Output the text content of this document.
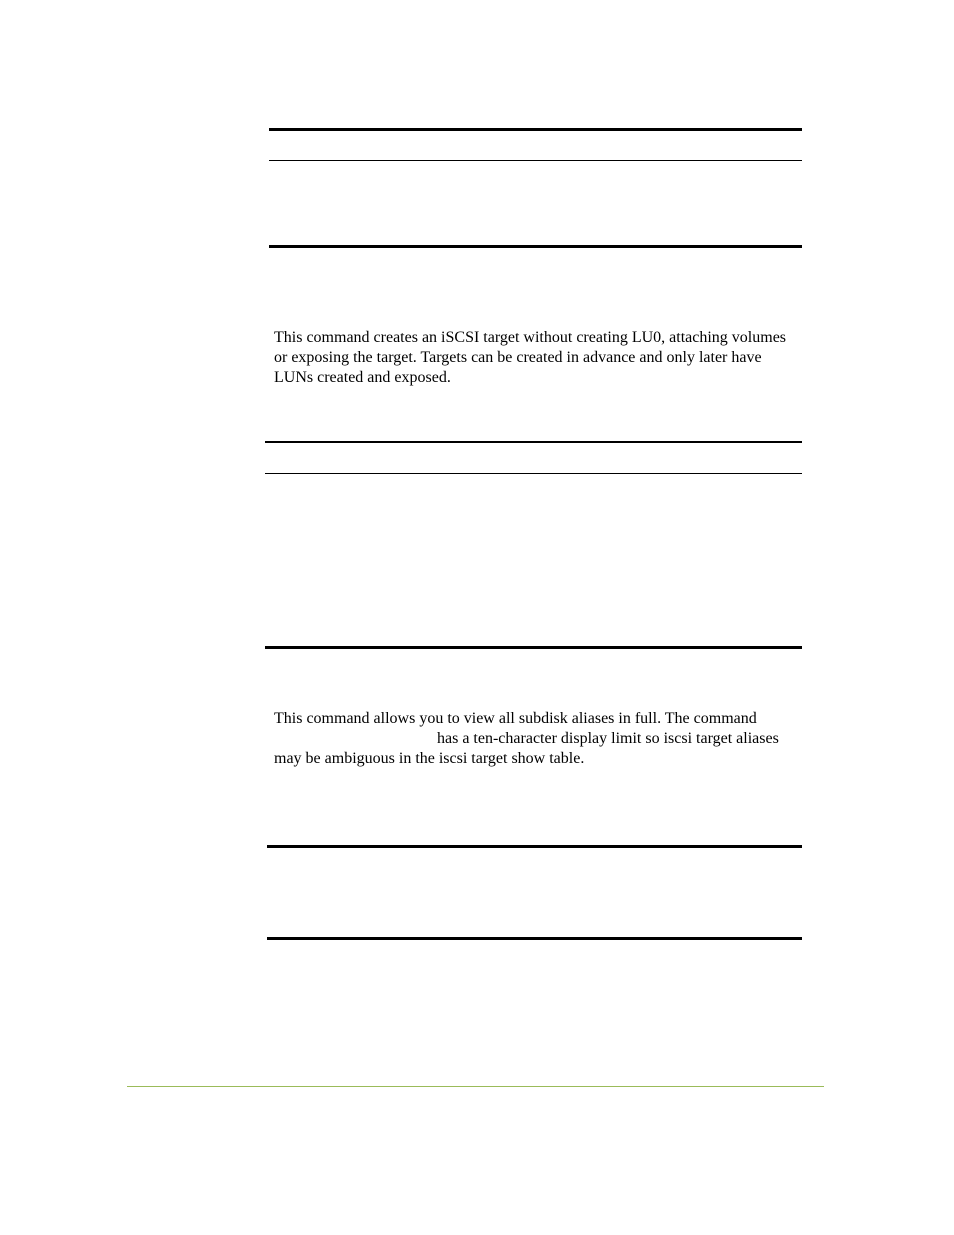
This command creates an iSCSI target without creating LU0, attaching volumes
or exposing the target. Targets can be created in advance and only later have
LUNs created and exposed.

This command allows you to view all subdisk aliases in full. The command
has a ten-character display limit so iscsi target aliases
may be ambiguous in the iscsi target show table.
